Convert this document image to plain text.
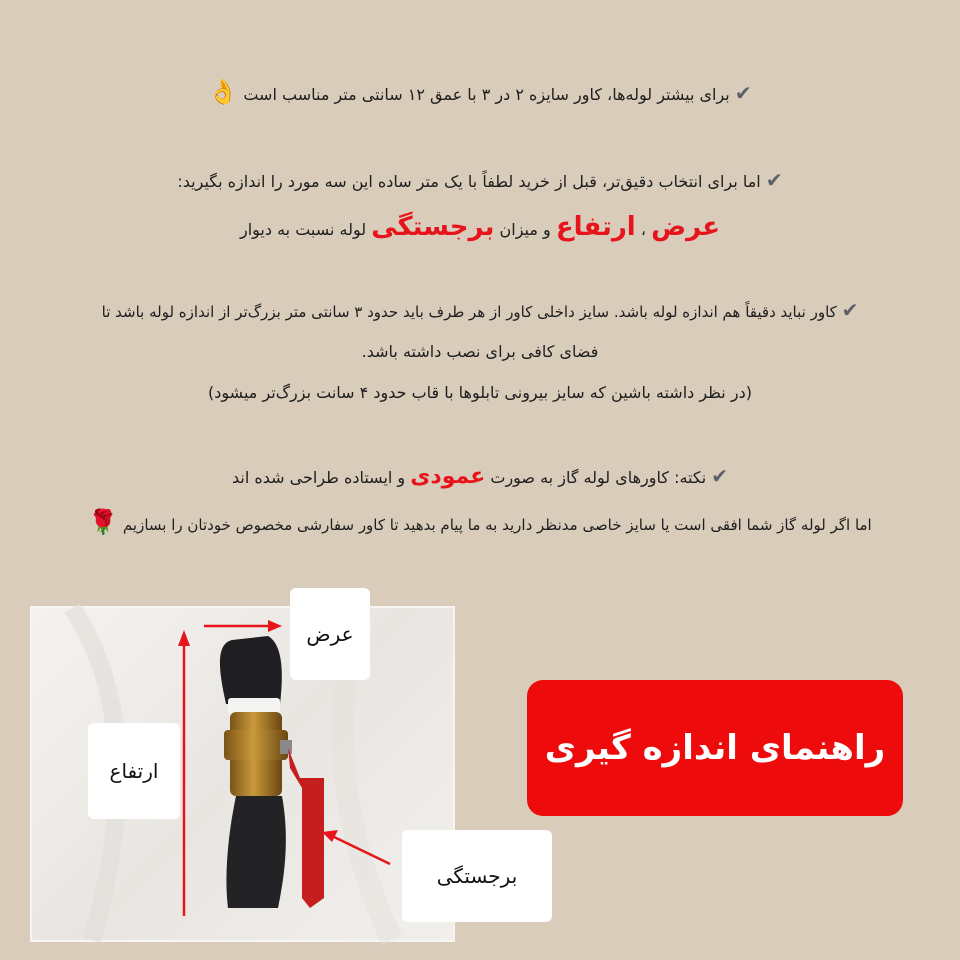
✔ برای بیشتر لوله‌ها، کاور سایزه ۲ در ۳ با عمق ۱۲ سانتی متر مناسب است 👌
✔ اما برای انتخاب دقیق‌تر، قبل از خرید لطفاً با یک متر ساده این سه مورد را اندازه بگیرید:
عرض ، ارتفاع و میزان برجستگی لوله نسبت به دیوار
✔ کاور نباید دقیقاً هم اندازه لوله باشد. سایز داخلی کاور از هر طرف باید حدود ۳ سانتی متر بزرگ‌تر از اندازه لوله باشد تا
فضای کافی برای نصب داشته باشد.
(در نظر داشته باشین که سایز بیرونی تابلوها با قاب حدود ۴ سانت بزرگ‌تر میشود)
✔ نکته: کاورهای لوله گاز به صورت عمودی و ایستاده طراحی شده اند
اما اگر لوله گاز شما افقی است یا سایز خاصی مدنظر دارید به ما پیام بدهید تا کاور سفارشی مخصوص خودتان را بسازیم 🌹
ارتفاع
عرض
برجستگی
راهنمای اندازه گیری
